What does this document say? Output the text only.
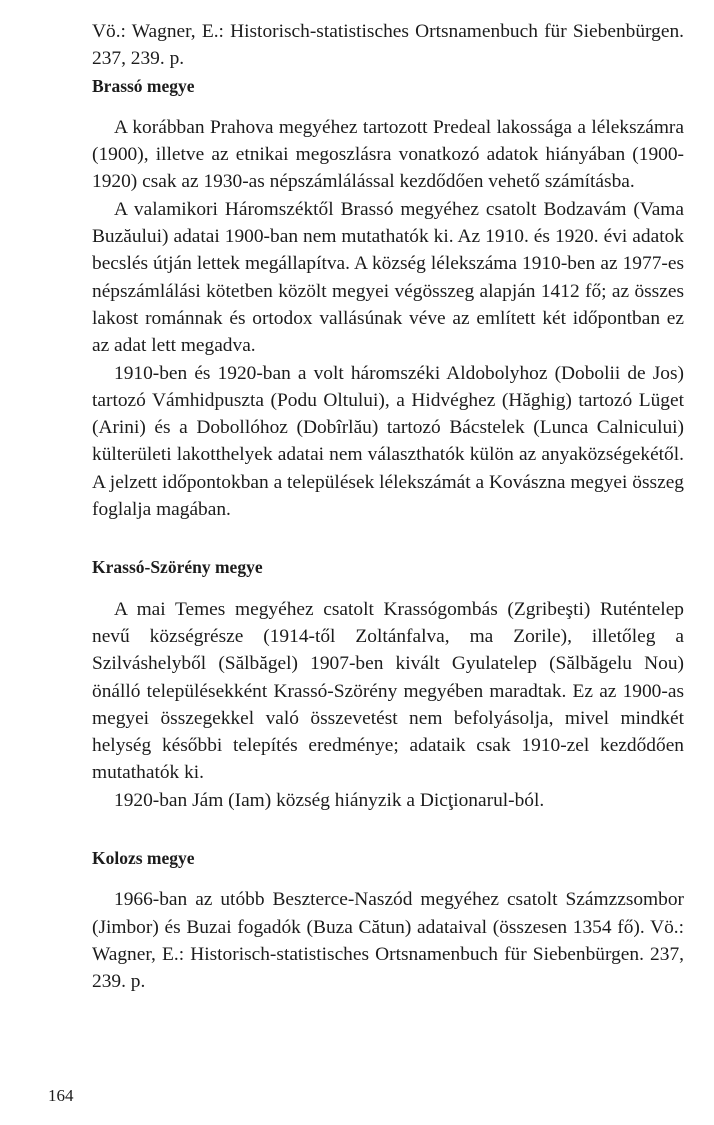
Vö.: Wagner, E.: Historisch-statistisches Ortsnamenbuch für Siebenbürgen. 237, 239. p.

Brassó megye

A korábban Prahova megyéhez tartozott Predeal lakossága a lélekszámra (1900), illetve az etnikai megoszlásra vonatkozó adatok hiányában (1900-1920) csak az 1930-as népszámlálással kezdődően vehető számításba.

A valamikori Háromszéktől Brassó megyéhez csatolt Bodzavám (Vama Buzăului) adatai 1900-ban nem mutathatók ki. Az 1910. és 1920. évi adatok becslés útján lettek megállapítva. A község lélekszáma 1910-ben az 1977-es népszámlálási kötetben közölt megyei végösszeg alapján 1412 fő; az összes lakost románnak és ortodox vallásúnak véve az említett két időpontban ez az adat lett megadva.

1910-ben és 1920-ban a volt háromszéki Aldobolyhoz (Dobolii de Jos) tartozó Vámhidpuszta (Podu Oltului), a Hidvéghez (Hăghig) tartozó Lüget (Arini) és a Dobollóhoz (Dobîrlău) tartozó Bácstelek (Lunca Calnicului) külterületi lakotthelyek adatai nem választhatók külön az anyaközségekétől. A jelzett időpontokban a települések lélekszámát a Kovászna megyei összeg foglalja magában.

Krassó-Szörény megye

A mai Temes megyéhez csatolt Krassógombás (Zgribeşti) Ruténtelep nevű községrésze (1914-től Zoltánfalva, ma Zorile), illetőleg a Szilváshelyből (Sălbăgel) 1907-ben kivált Gyulatelep (Sălbăgelu Nou) önálló településekként Krassó-Szörény megyében maradtak. Ez az 1900-as megyei összegekkel való összevetést nem befolyásolja, mivel mindkét helység későbbi telepítés eredménye; adataik csak 1910-zel kezdődően mutathatók ki.

1920-ban Jám (Iam) község hiányzik a Dicţionarul-ból.

Kolozs megye

1966-ban az utóbb Beszterce-Naszód megyéhez csatolt Számzzsombor (Jimbor) és Buzai fogadók (Buza Cătun) adataival (összesen 1354 fő). Vö.: Wagner, E.: Historisch-statistisches Ortsnamenbuch für Siebenbürgen. 237, 239. p.

164
